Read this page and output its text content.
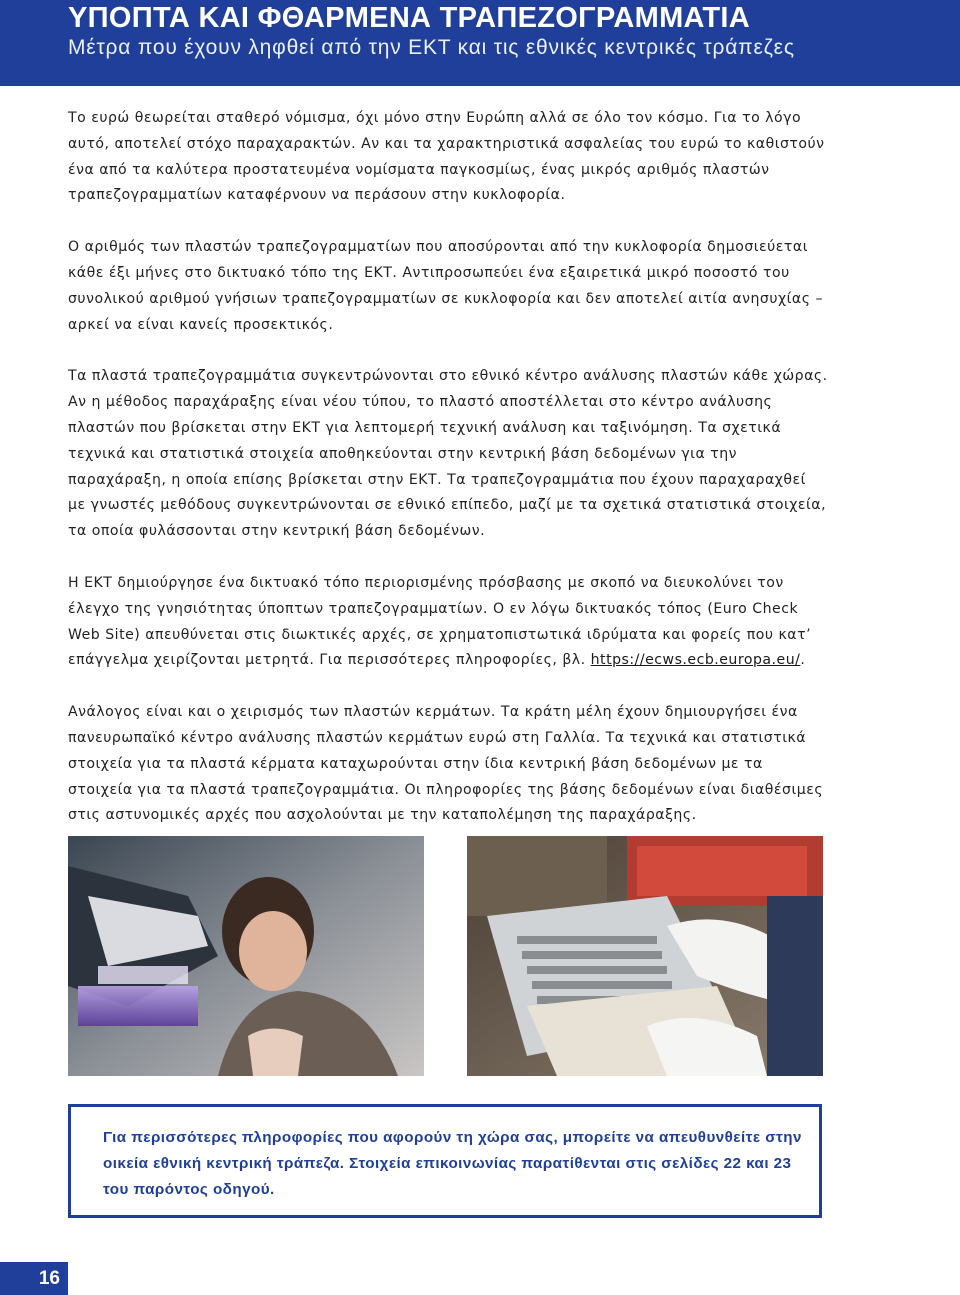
ΥΠΟΠΤΑ ΚΑΙ ΦΘΑΡΜΕΝΑ ΤΡΑΠΕΖΟΓΡΑΜΜΑΤΙΑ
Μέτρα που έχουν ληφθεί από την ΕΚΤ και τις εθνικές κεντρικές τράπεζες

Το ευρώ θεωρείται σταθερό νόμισμα, όχι μόνο στην Ευρώπη αλλά σε όλο τον κόσμο. Για το λόγο αυτό, αποτελεί στόχο παραχαρακτών. Αν και τα χαρακτηριστικά ασφαλείας του ευρώ το καθιστούν ένα από τα καλύτερα προστατευμένα νομίσματα παγκοσμίως, ένας μικρός αριθμός πλαστών τραπεζογραμματίων καταφέρνουν να περάσουν στην κυκλοφορία.

Ο αριθμός των πλαστών τραπεζογραμματίων που αποσύρονται από την κυκλοφορία δημοσιεύεται κάθε έξι μήνες στο δικτυακό τόπο της ΕΚΤ. Αντιπροσωπεύει ένα εξαιρετικά μικρό ποσοστό του συνολικού αριθμού γνήσιων τραπεζογραμματίων σε κυκλοφορία και δεν αποτελεί αιτία ανησυχίας – αρκεί να είναι κανείς προσεκτικός.

Τα πλαστά τραπεζογραμμάτια συγκεντρώνονται στο εθνικό κέντρο ανάλυσης πλαστών κάθε χώρας. Αν η μέθοδος παραχάραξης είναι νέου τύπου, το πλαστό αποστέλλεται στο κέντρο ανάλυσης πλαστών που βρίσκεται στην ΕΚΤ για λεπτομερή τεχνική ανάλυση και ταξινόμηση. Τα σχετικά τεχνικά και στατιστικά στοιχεία αποθηκεύονται στην κεντρική βάση δεδομένων για την παραχάραξη, η οποία επίσης βρίσκεται στην ΕΚΤ. Τα τραπεζογραμμάτια που έχουν παραχαραχθεί με γνωστές μεθόδους συγκεντρώνονται σε εθνικό επίπεδο, μαζί με τα σχετικά στατιστικά στοιχεία, τα οποία φυλάσσονται στην κεντρική βάση δεδομένων.

Η ΕΚΤ δημιούργησε ένα δικτυακό τόπο περιορισμένης πρόσβασης με σκοπό να διευκολύνει τον έλεγχο της γνησιότητας ύποπτων τραπεζογραμματίων. Ο εν λόγω δικτυακός τόπος (Euro Check Web Site) απευθύνεται στις διωκτικές αρχές, σε χρηματοπιστωτικά ιδρύματα και φορείς που κατ’ επάγγελμα χειρίζονται μετρητά. Για περισσότερες πληροφορίες, βλ. https://ecws.ecb.europa.eu/.

Ανάλογος είναι και ο χειρισμός των πλαστών κερμάτων. Τα κράτη μέλη έχουν δημιουργήσει ένα πανευρωπαϊκό κέντρο ανάλυσης πλαστών κερμάτων ευρώ στη Γαλλία. Τα τεχνικά και στατιστικά στοιχεία για τα πλαστά κέρματα καταχωρούνται στην ίδια κεντρική βάση δεδομένων με τα στοιχεία για τα πλαστά τραπεζογραμμάτια. Οι πληροφορίες της βάσης δεδομένων είναι διαθέσιμες στις αστυνομικές αρχές που ασχολούνται με την καταπολέμηση της παραχάραξης.

Για περισσότερες πληροφορίες που αφορούν τη χώρα σας, μπορείτε να απευθυνθείτε στην οικεία εθνική κεντρική τράπεζα. Στοιχεία επικοινωνίας παρατίθενται στις σελίδες 22 και 23 του παρόντος οδηγού.

16
